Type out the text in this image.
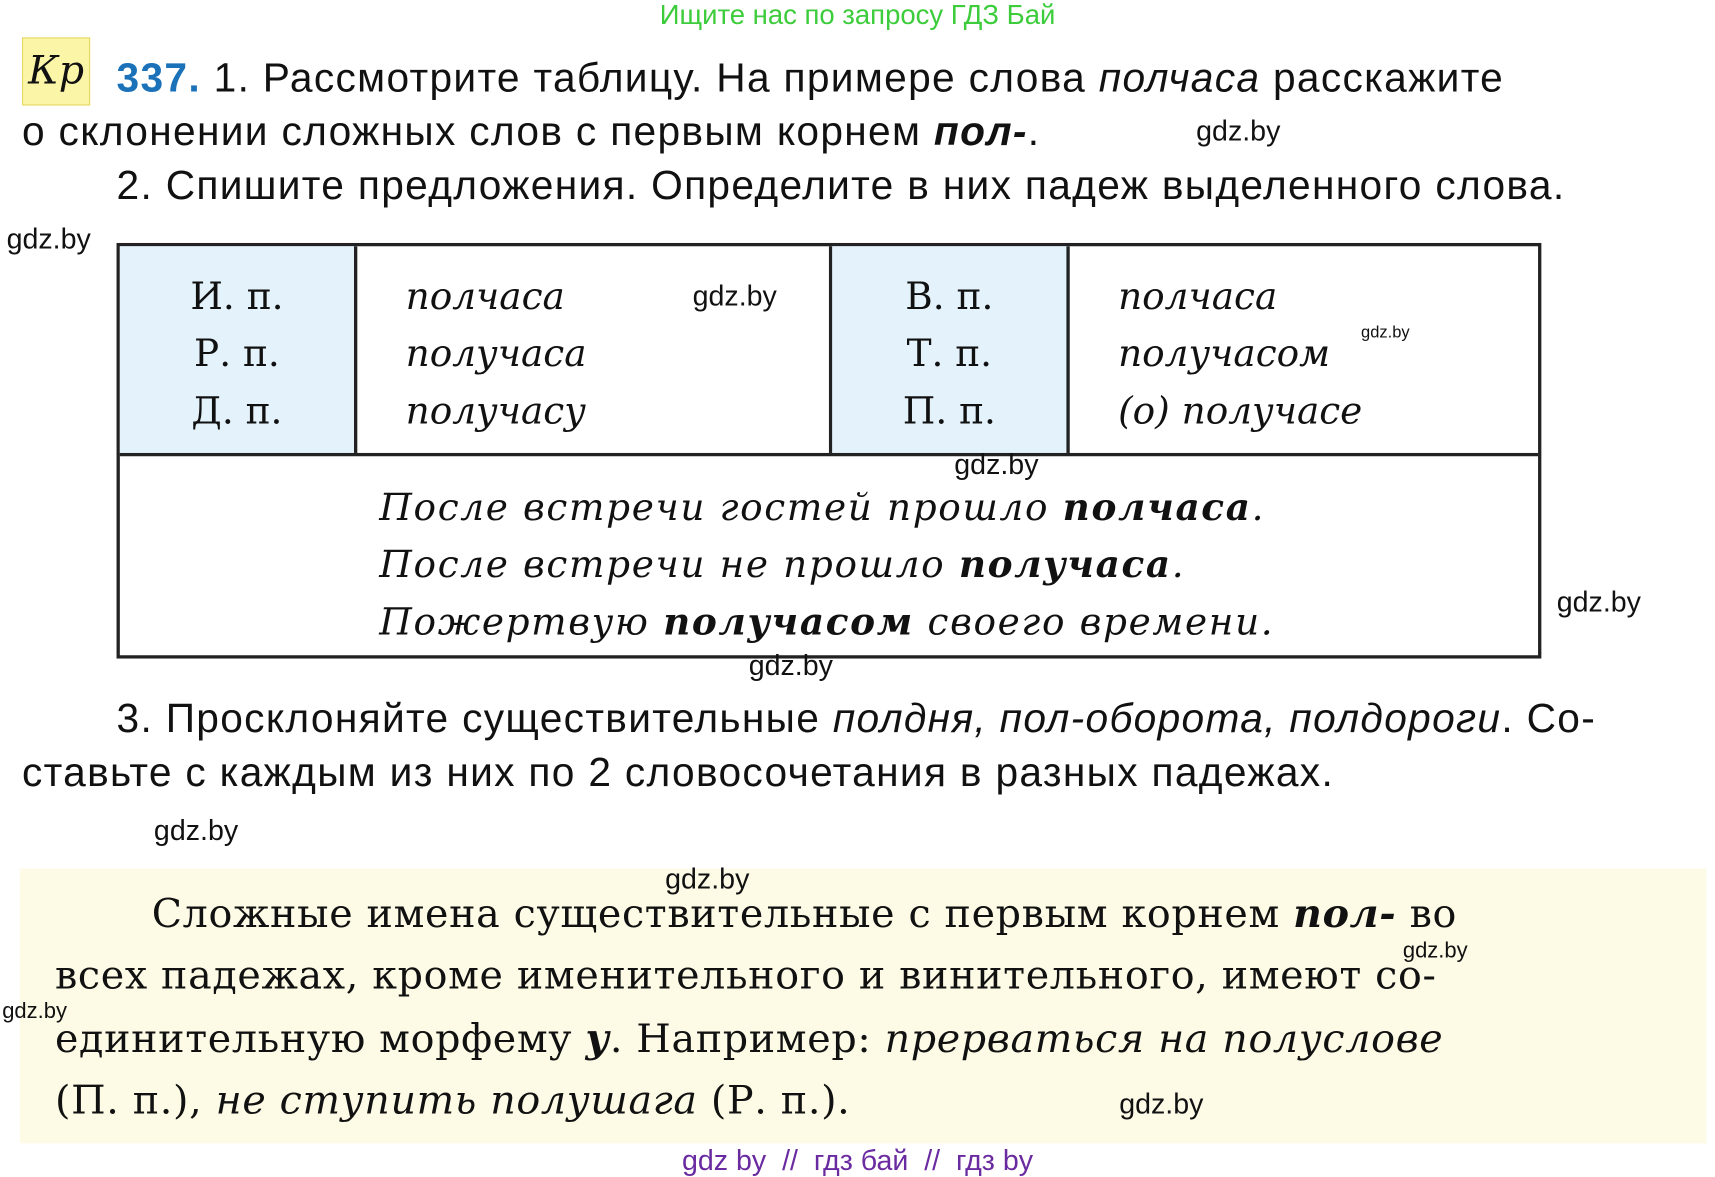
Ищите нас по запросу ГДЗ Бай
Кр 337. 1. Рассмотрите таблицу. На примере слова полчаса расскажите
о склонении сложных слов с первым корнем пол-.
2. Спишите предложения. Определите в них падеж выделенного слова.
И. п.
Р. п.
Д. п.
полчаса
получаса
получасу
В. п.
Т. п.
П. п.
полчаса
получасом
(о) получасе
После встречи гостей прошло полчаса.
После встречи не прошло получаса.
Пожертвую получасом своего времени.
3. Просклоняйте существительные полдня, пол-оборота, полдороги. Со-
ставьте с каждым из них по 2 словосочетания в разных падежах.
Сложные имена существительные с первым корнем пол- во
всех падежах, кроме именительного и винительного, имеют со-
единительную морфему у. Например: прерваться на полуслове
(П. п.), не ступить полушага (Р. п.).
gdz.by
gdz.by
gdz.by
gdz.by
gdz.by
gdz.by
gdz.by
gdz.by
gdz.by
gdz.by
gdz.by
gdz.by
gdz by  //  гдз бай  //  гдз by
